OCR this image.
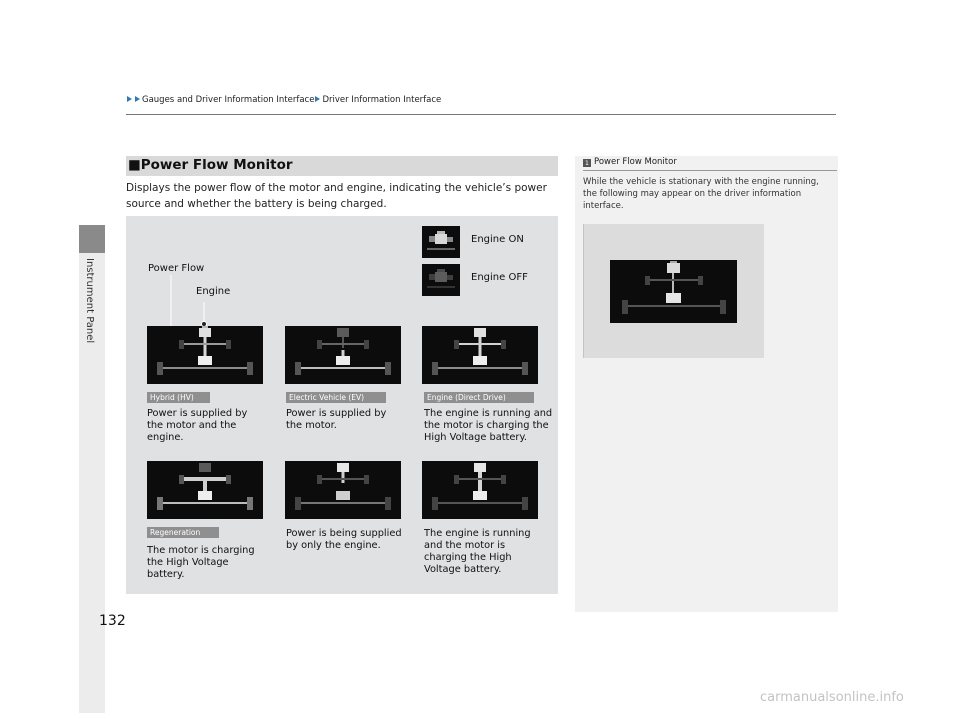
Instrument Panel
Gauges and Driver Information Interface Driver Information Interface
■Power Flow Monitor
Displays the power flow of the motor and engine, indicating the vehicle’s power source and whether the battery is being charged.
Engine ON
Engine OFF
Power Flow
Engine
Hybrid (HV)	Electric Vehicle (EV)	Engine (Direct Drive)
Power is supplied by the motor and the engine.
Power is supplied by the motor.
The engine is running and the motor is charging the High Voltage battery.
Regeneration
The motor is charging the High Voltage battery.
Power is being supplied by only the engine.
The engine is running and the motor is charging the High Voltage battery.
1 Power Flow Monitor
While the vehicle is stationary with the engine running, the following may appear on the driver information interface.
132
carmanualsonline.info
